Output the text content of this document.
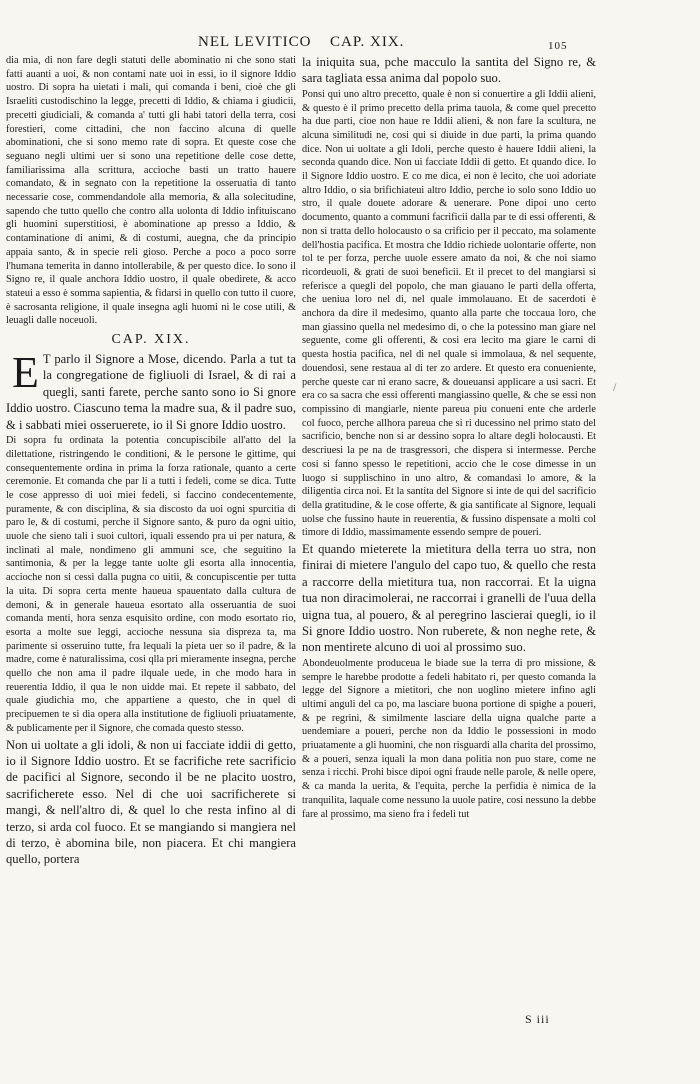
NEL LEVITICO CAP. XIX.	105

dia mia, di non fare degli statuti delle abominatio ni che sono stati fatti auanti a uoi, & non contami nate uoi in essi, io il signore Iddio uostro. Di sopra ha uietati i mali, qui comanda i beni, cioè che gli Israeliti custodischino la legge, precetti di Iddio, & chiama i giudicii, precetti giudiciali, & comanda a' tutti gli habi tatori della terra, cosi forestieri, come cittadini, che non faccino alcuna di quelle abominationi, che si sono memo rate di sopra. Et queste cose che seguano negli ultimi uer si sono una repetitione delle cose dette, familiarissima alla scrittura, accioche basti un tratto hauere comandato, & in segnato con la repetitione la osseruatia di tanto necessarie cose, commendandole alla memoria, & alla solecitudine, sapendo che tutto quello che contro alla uolonta di Iddio infituiscano gli huomini superstitiosi, è abominatione ap presso a Iddio, & contaminatione di animi, & di costumi, auegna, che da principio appaia santo, & in specie reli gioso. Perche a poco a poco sorre l'humana temerita in danno intollerabile, & per questo dice. Io sono il Signo re, il quale anchora Iddio uostro, il quale obedirete, & acco stateui a esso è somma sapientia, & fidarsi in quello con tutto il cuore, è sacrosanta religione, il quale insegna agli huomi ni le cose utili, & leuagli dalle noceuoli.

CAP. XIX.

E T parlo il Signore a Mose, dicendo. Parla a tut ta la congregatione de figliuoli di Israel, & di rai a quegli, santi farete, perche santo sono io Si gnore Iddio uostro. Ciascuno tema la madre sua, & il padre suo, & i sabbati miei osseruerete, io il Si gnore Iddio uostro.

Di sopra fu ordinata la potentia concupiscibile all'atto del la dilettatione, ristringendo le conditioni, & le persone le gittime, qui consequentemente ordina in prima la forza rationale, quanto a certe ceremonie. Et comanda che par li a tutti i fedeli, come se dica. Tutte le cose appresso di uoi miei fedeli, si faccino condecentemente, puramente, & con disciplina, & sia discosto da uoi ogni spurcitia di paro le, & di costumi, perche il Signore santo, & puro da ogni uitio, uuole che sieno tali i suoi cultori, iquali essendo pra ui per natura, & inclinati al male, nondimeno gli ammuni sce, che seguitino la santimonia, & per la legge tante uolte gli esorta alla innocentia, accioche non si cessi dalla pugna co uitii, & concupiscentie per tutta la uita. Di sopra certa mente haueua spauentato dalla cultura de demoni, & in generale haueua esortato alla osseruantia de suoi comanda menti, hora senza esquisito ordine, con modo esortato rio, esorta a molte sue leggi, accioche nessuna sia dispreza ta, ma parimente si osseruino tutte, fra lequali la pieta uer so il padre, & la madre, come è naturalissima, cosi qlla pri mieramente insegna, perche quello che non ama il padre ilquale uede, in che modo hara in reuerentia Iddio, il qua le non uidde mai. Et repete il sabbato, del quale giudichia mo, che appartiene a questo, che in quel di precipuemen te si dia opera alla institutione de figliuoli priuatamente, & publicamente per il Signore, che comada questo stesso.

Non ui uoltate a gli idoli, & non ui facciate iddii di getto, io il Signore Iddio uostro. Et se facrifiche rete sacrificio de pacifici al Signore, secondo il be ne placito uostro, sacrificherete esso. Nel di che uoi sacrificherete si mangi, & nell'altro di, & quel lo che resta infino al di terzo, si arda col fuoco. Et se mangiando si mangiera nel di terzo, è abomina bile, non piacera. Et chi mangiera quello, portera

la iniquita sua, pche macculo la santita del Signo re, & sara tagliata essa anima dal popolo suo.

Ponsi qui uno altro precetto, quale è non si conuertire a gli Iddii alieni, & questo è il primo precetto della prima tauola, & come quel precetto ha due parti, cioe non haue re Iddii alieni, & non fare la scultura, ne alcuna similitudi ne, cosi qui si diuide in due parti, la prima quando dice. Non ui uoltate a gli Idoli, perche questo è hauere Iddii alieni, la seconda quando dice. Non ui facciate Iddii di getto. Et quando dice. Io il Signore Iddio uostro. E co me dica, ei non è lecito, che uoi adoriate altro Iddio, o sia brifichiateui altro Iddio, perche io solo sono Iddio uo stro, il quale douete adorare & uenerare. Pone dipoi uno certo documento, quanto a communi facrificii dalla par te di essi offerenti, & non si tratta dello holocausto o sa crificio per il peccato, ma solamente dell'hostia pacifica. Et mostra che Iddio richiede uolontarie offerte, non tol te per forza, perche uuole essere amato da noi, & che noi siamo ricordeuoli, & grati de suoi beneficii. Et il precet to del mangiarsi si referisce a quegli del popolo, che man giauano le parti della offerta, che ueniua loro nel di, nel quale immolauano. Et de sacerdoti è anchora da dire il medesimo, quanto alla parte che toccaua loro, che man giassino quella nel medesimo di, o che la potessino man giare nel seguente, come gli offerenti, & cosi era lecito ma giare le carni di questa hostia pacifica, nel di nel quale si immolaua, & nel sequente, douendosi, sene restaua al di ter zo ardere. Et questo era conueniente, perche queste car ni erano sacre, & doueuansi applicare a usi sacri. Et era co sa sacra che essi offerenti mangiassino quelle, & che se essi non compissino di mangiarle, niente pareua piu conueni ente che arderle col fuoco, perche allhora pareua che si ri ducessino nel primo stato del sacrificio, benche non si ar dessino sopra lo altare degli holocausti. Et descriuesi la pe na de trasgressori, che dispera si intermesse. Perche cosi si fanno spesso le repetitioni, accio che le cose dimesse in un luogo si supplischino in uno altro, & comandasi lo amore, & la diligentia circa noi. Et la santita del Signore si inte de qui del sacrificio della gratitudine, & le cose offerte, & gia santificate al Signore, lequali uolse che fussino haute in reuerentia, & fussino dispensate a molti col timore di Iddio, massimamente essendo sempre de poueri.

Et quando mieterete la mietitura della terra uo stra, non finirai di mietere l'angulo del capo tuo, & quello che resta a raccorre della mietitura tua, non raccorrai. Et la uigna tua non diracimolerai, ne raccorrai i granelli de l'uua della uigna tua, al pouero, & al peregrino lascierai quegli, io il Si gnore Iddio uostro. Non ruberete, & non neghe rete, & non mentirete alcuno di uoi al prossimo suo.

Abondeuolmente produceua le biade sue la terra di pro missione, & sempre le harebbe prodotte a fedeli habitato ri, per questo comanda la legge del Signore a mietitori, che non uoglino mietere infino agli ultimi anguli del ca po, ma lasciare buona portione di spighe a poueri, & pe regrini, & similmente lasciare della uigna qualche parte a uendemiare a poueri, perche non da Iddio le possessioni in modo priuatamente a gli huomini, che non risguardi alla charita del prossimo, & a poueri, senza iquali la mon dana politia non puo stare, come ne senza i ricchi. Prohi bisce dipoi ogni fraude nelle parole, & nelle opere, & ca manda la uerita, & l'equita, perche la perfidia è nimica de la tranquilita, laquale come nessuno la uuole patire, cosi nessuno la debbe fare al prossimo, ma sieno fra i fedeli tut

S iii
/
